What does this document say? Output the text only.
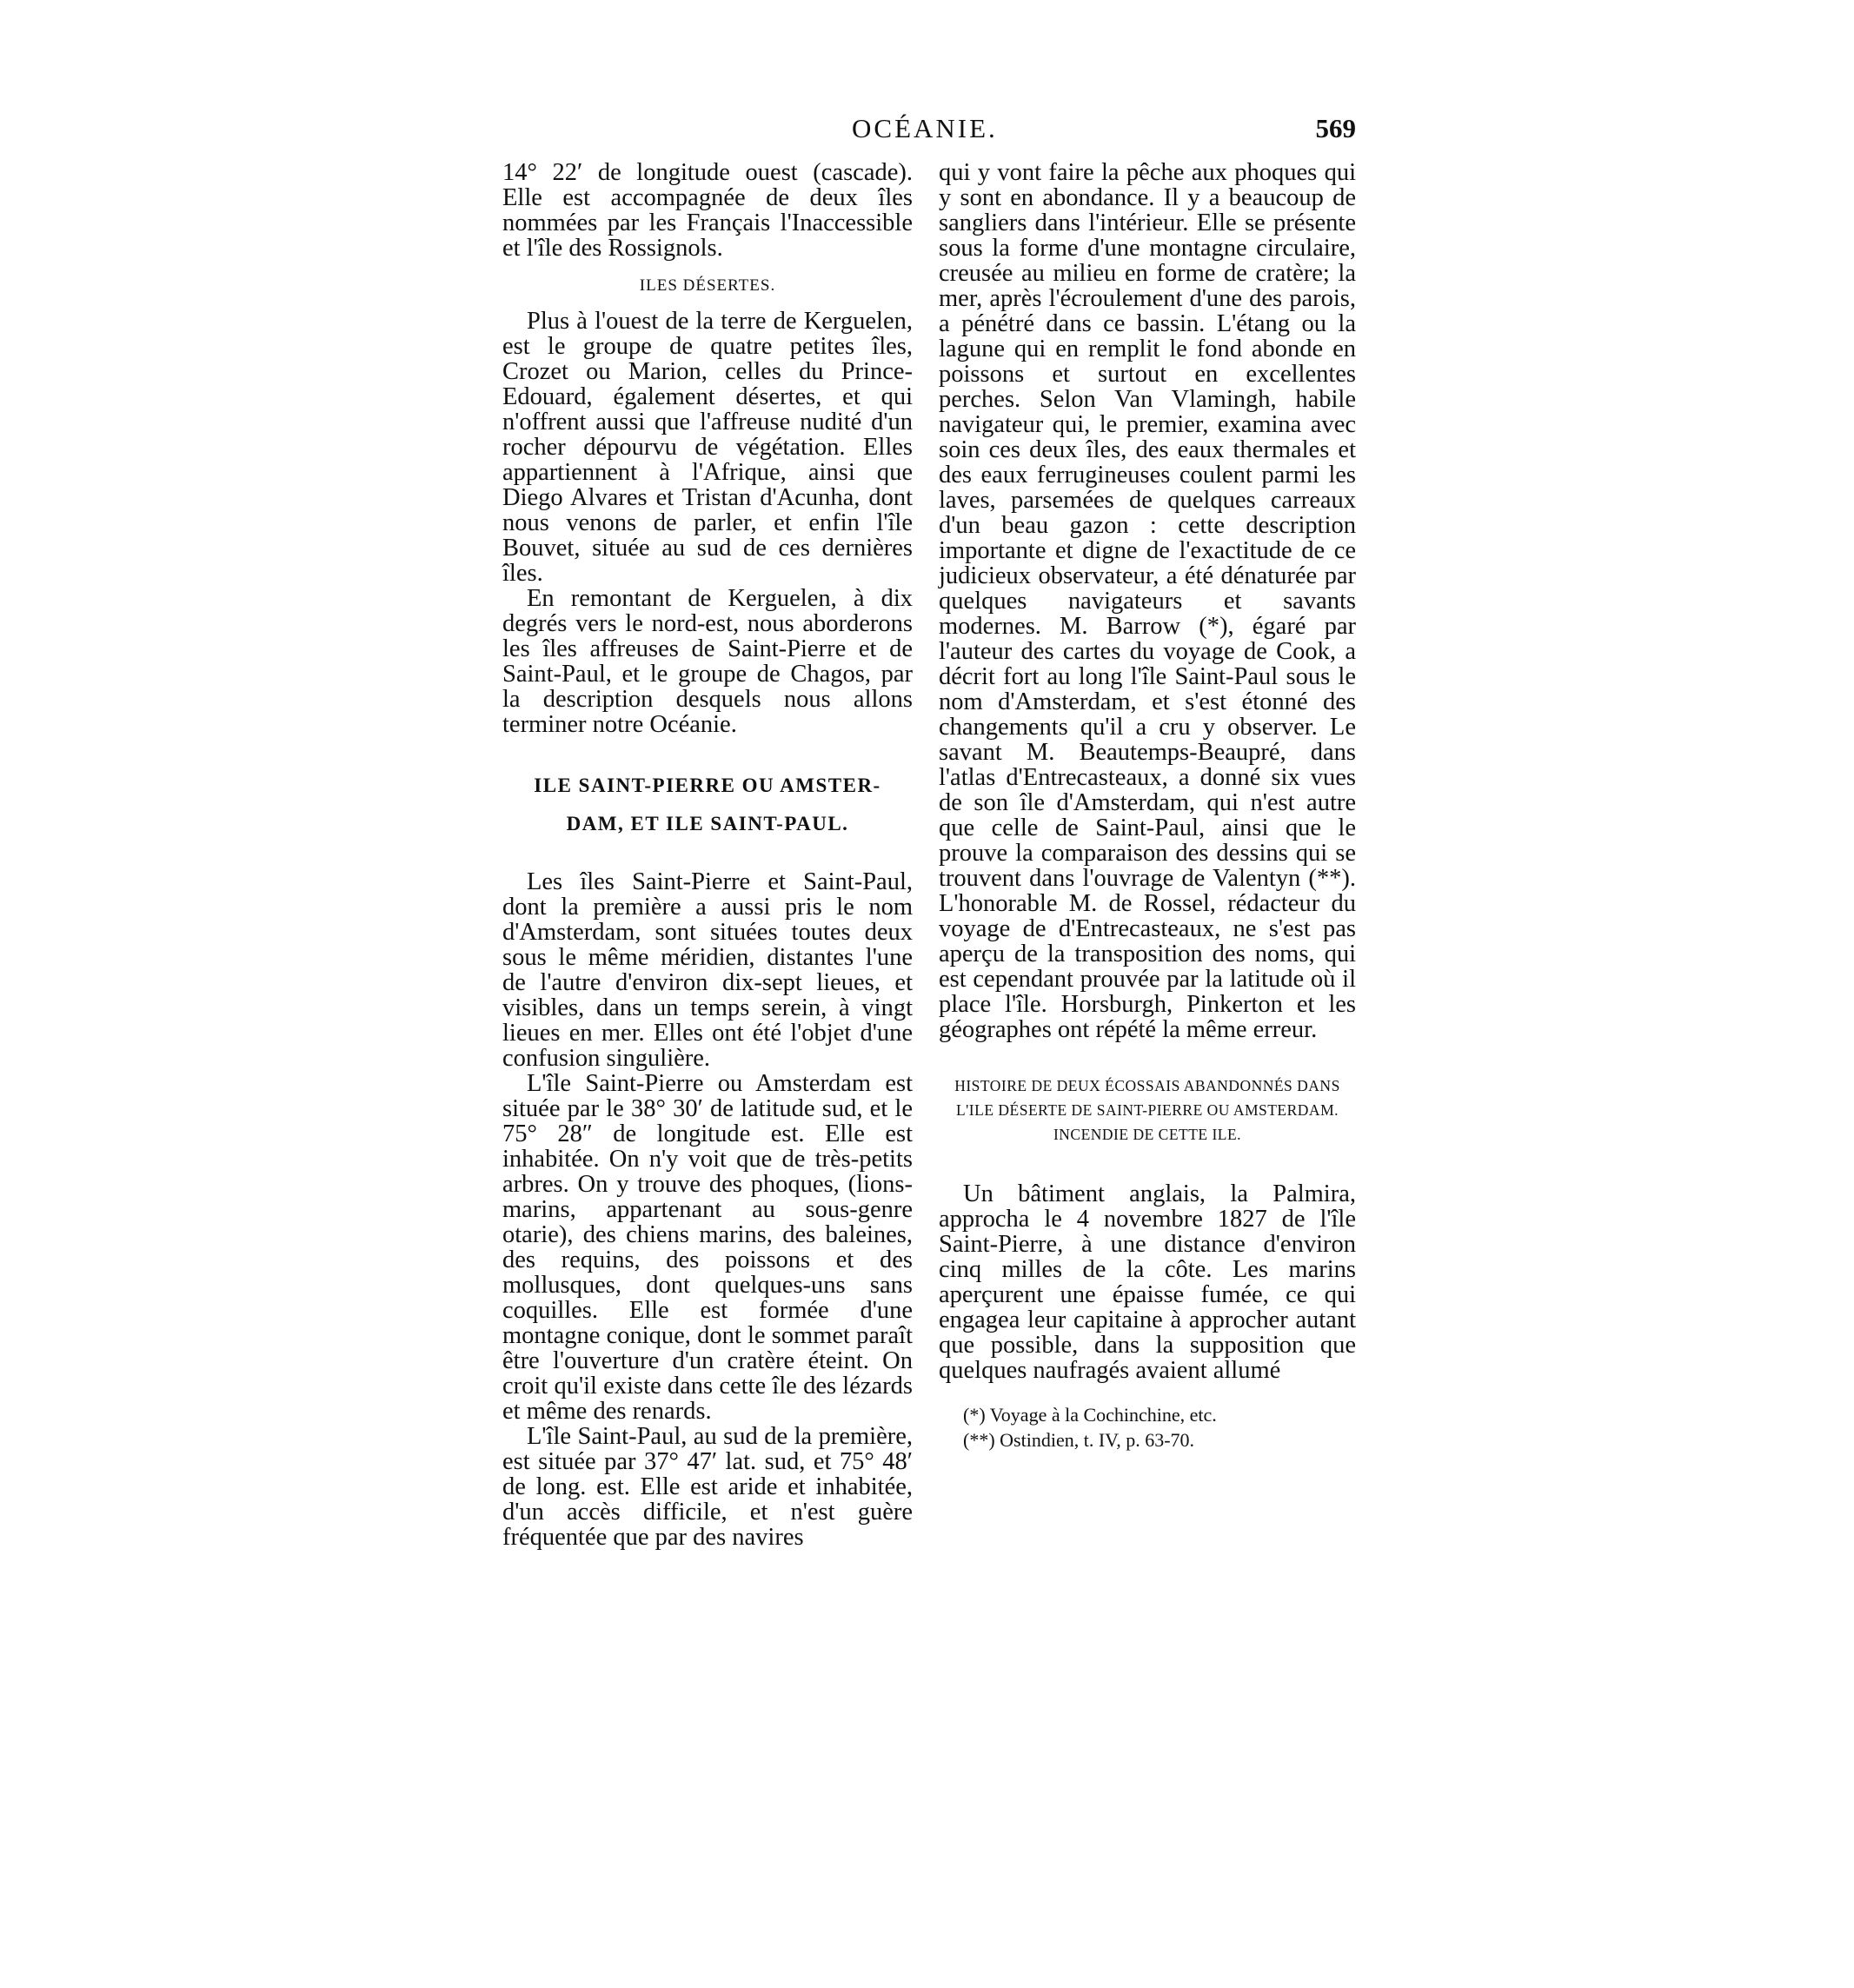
OCÉANIE.	569

14° 22′ de longitude ouest (cascade). Elle est accompagnée de deux îles nommées par les Français l'Inaccessible et l'île des Rossignols.

ILES DÉSERTES.

Plus à l'ouest de la terre de Kerguelen, est le groupe de quatre petites îles, Crozet ou Marion, celles du Prince-Edouard, également désertes, et qui n'offrent aussi que l'affreuse nudité d'un rocher dépourvu de végétation. Elles appartiennent à l'Afrique, ainsi que Diego Alvares et Tristan d'Acunha, dont nous venons de parler, et enfin l'île Bouvet, située au sud de ces dernières îles.

En remontant de Kerguelen, à dix degrés vers le nord-est, nous aborderons les îles affreuses de Saint-Pierre et de Saint-Paul, et le groupe de Chagos, par la description desquels nous allons terminer notre Océanie.

ILE SAINT-PIERRE OU AMSTER-
DAM, ET ILE SAINT-PAUL.

Les îles Saint-Pierre et Saint-Paul, dont la première a aussi pris le nom d'Amsterdam, sont situées toutes deux sous le même méridien, distantes l'une de l'autre d'environ dix-sept lieues, et visibles, dans un temps serein, à vingt lieues en mer. Elles ont été l'objet d'une confusion singulière.

L'île Saint-Pierre ou Amsterdam est située par le 38° 30′ de latitude sud, et le 75° 28″ de longitude est. Elle est inhabitée. On n'y voit que de très-petits arbres. On y trouve des phoques, (lions-marins, appartenant au sous-genre otarie), des chiens marins, des baleines, des requins, des poissons et des mollusques, dont quelques-uns sans coquilles. Elle est formée d'une montagne conique, dont le sommet paraît être l'ouverture d'un cratère éteint. On croit qu'il existe dans cette île des lézards et même des renards.

L'île Saint-Paul, au sud de la première, est située par 37° 47′ lat. sud, et 75° 48′ de long. est. Elle est aride et inhabitée, d'un accès difficile, et n'est guère fréquentée que par des navires

qui y vont faire la pêche aux phoques qui y sont en abondance. Il y a beaucoup de sangliers dans l'intérieur. Elle se présente sous la forme d'une montagne circulaire, creusée au milieu en forme de cratère; la mer, après l'écroulement d'une des parois, a pénétré dans ce bassin. L'étang ou la lagune qui en remplit le fond abonde en poissons et surtout en excellentes perches. Selon Van Vlamingh, habile navigateur qui, le premier, examina avec soin ces deux îles, des eaux thermales et des eaux ferrugineuses coulent parmi les laves, parsemées de quelques carreaux d'un beau gazon : cette description importante et digne de l'exactitude de ce judicieux observateur, a été dénaturée par quelques navigateurs et savants modernes. M. Barrow (*), égaré par l'auteur des cartes du voyage de Cook, a décrit fort au long l'île Saint-Paul sous le nom d'Amsterdam, et s'est étonné des changements qu'il a cru y observer. Le savant M. Beautemps-Beaupré, dans l'atlas d'Entrecasteaux, a donné six vues de son île d'Amsterdam, qui n'est autre que celle de Saint-Paul, ainsi que le prouve la comparaison des dessins qui se trouvent dans l'ouvrage de Valentyn (**). L'honorable M. de Rossel, rédacteur du voyage de d'Entrecasteaux, ne s'est pas aperçu de la transposition des noms, qui est cependant prouvée par la latitude où il place l'île. Horsburgh, Pinkerton et les géographes ont répété la même erreur.

HISTOIRE DE DEUX ÉCOSSAIS ABANDONNÉS DANS L'ILE DÉSERTE DE SAINT-PIERRE OU AMSTERDAM. INCENDIE DE CETTE ILE.

Un bâtiment anglais, la Palmira, approcha le 4 novembre 1827 de l'île Saint-Pierre, à une distance d'environ cinq milles de la côte. Les marins aperçurent une épaisse fumée, ce qui engagea leur capitaine à approcher autant que possible, dans la supposition que quelques naufragés avaient allumé

(*) Voyage à la Cochinchine, etc.

(**) Ostindien, t. IV, p. 63-70.
